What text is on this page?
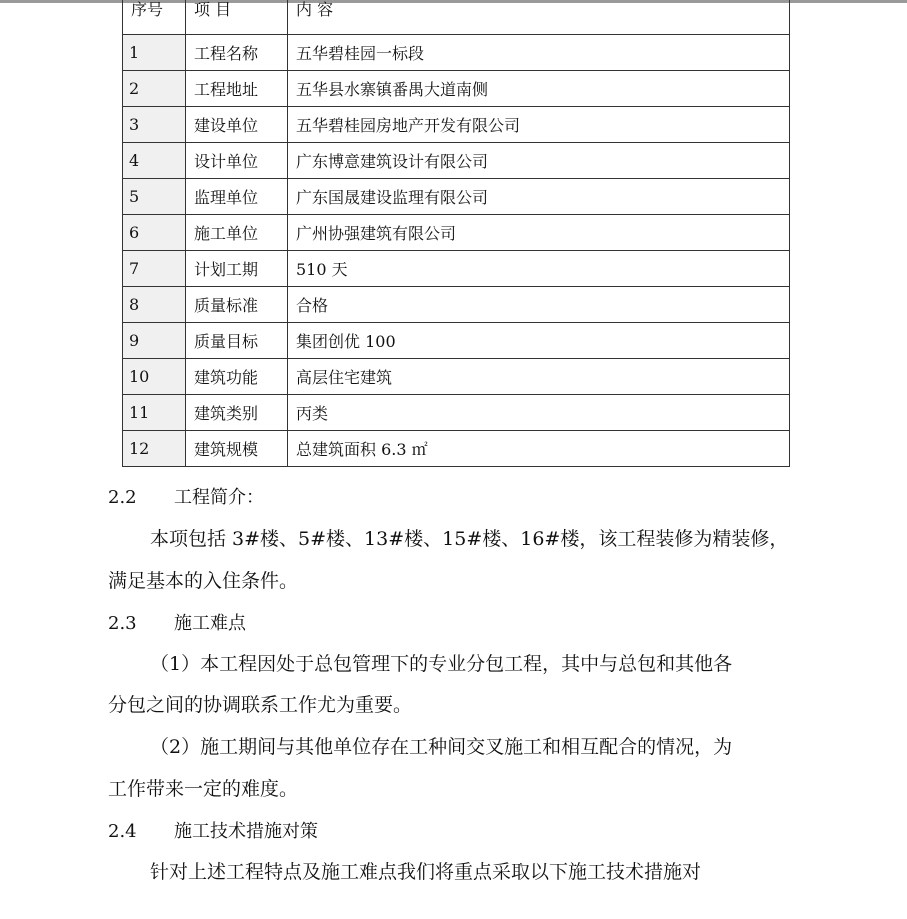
序号	项 目	内 容
1	工程名称	五华碧桂园一标段
2	工程地址	五华县水寨镇番禺大道南侧
3	建设单位	五华碧桂园房地产开发有限公司
4	设计单位	广东博意建筑设计有限公司
5	监理单位	广东国晟建设监理有限公司
6	施工单位	广州协强建筑有限公司
7	计划工期	510 天
8	质量标准	合格
9	质量目标	集团创优 100
10	建筑功能	高层住宅建筑
11	建筑类别	丙类
12	建筑规模	总建筑面积 6.3 ㎡
2.2 工程简介：
本项包括 3#楼、5#楼、13#楼、15#楼、16#楼，该工程装修为精装修，
满足基本的入住条件。
2.3 施工难点
（1）本工程因处于总包管理下的专业分包工程，其中与总包和其他各
分包之间的协调联系工作尤为重要。
（2）施工期间与其他单位存在工种间交叉施工和相互配合的情况，为
工作带来一定的难度。
2.4 施工技术措施对策
针对上述工程特点及施工难点我们将重点采取以下施工技术措施对
